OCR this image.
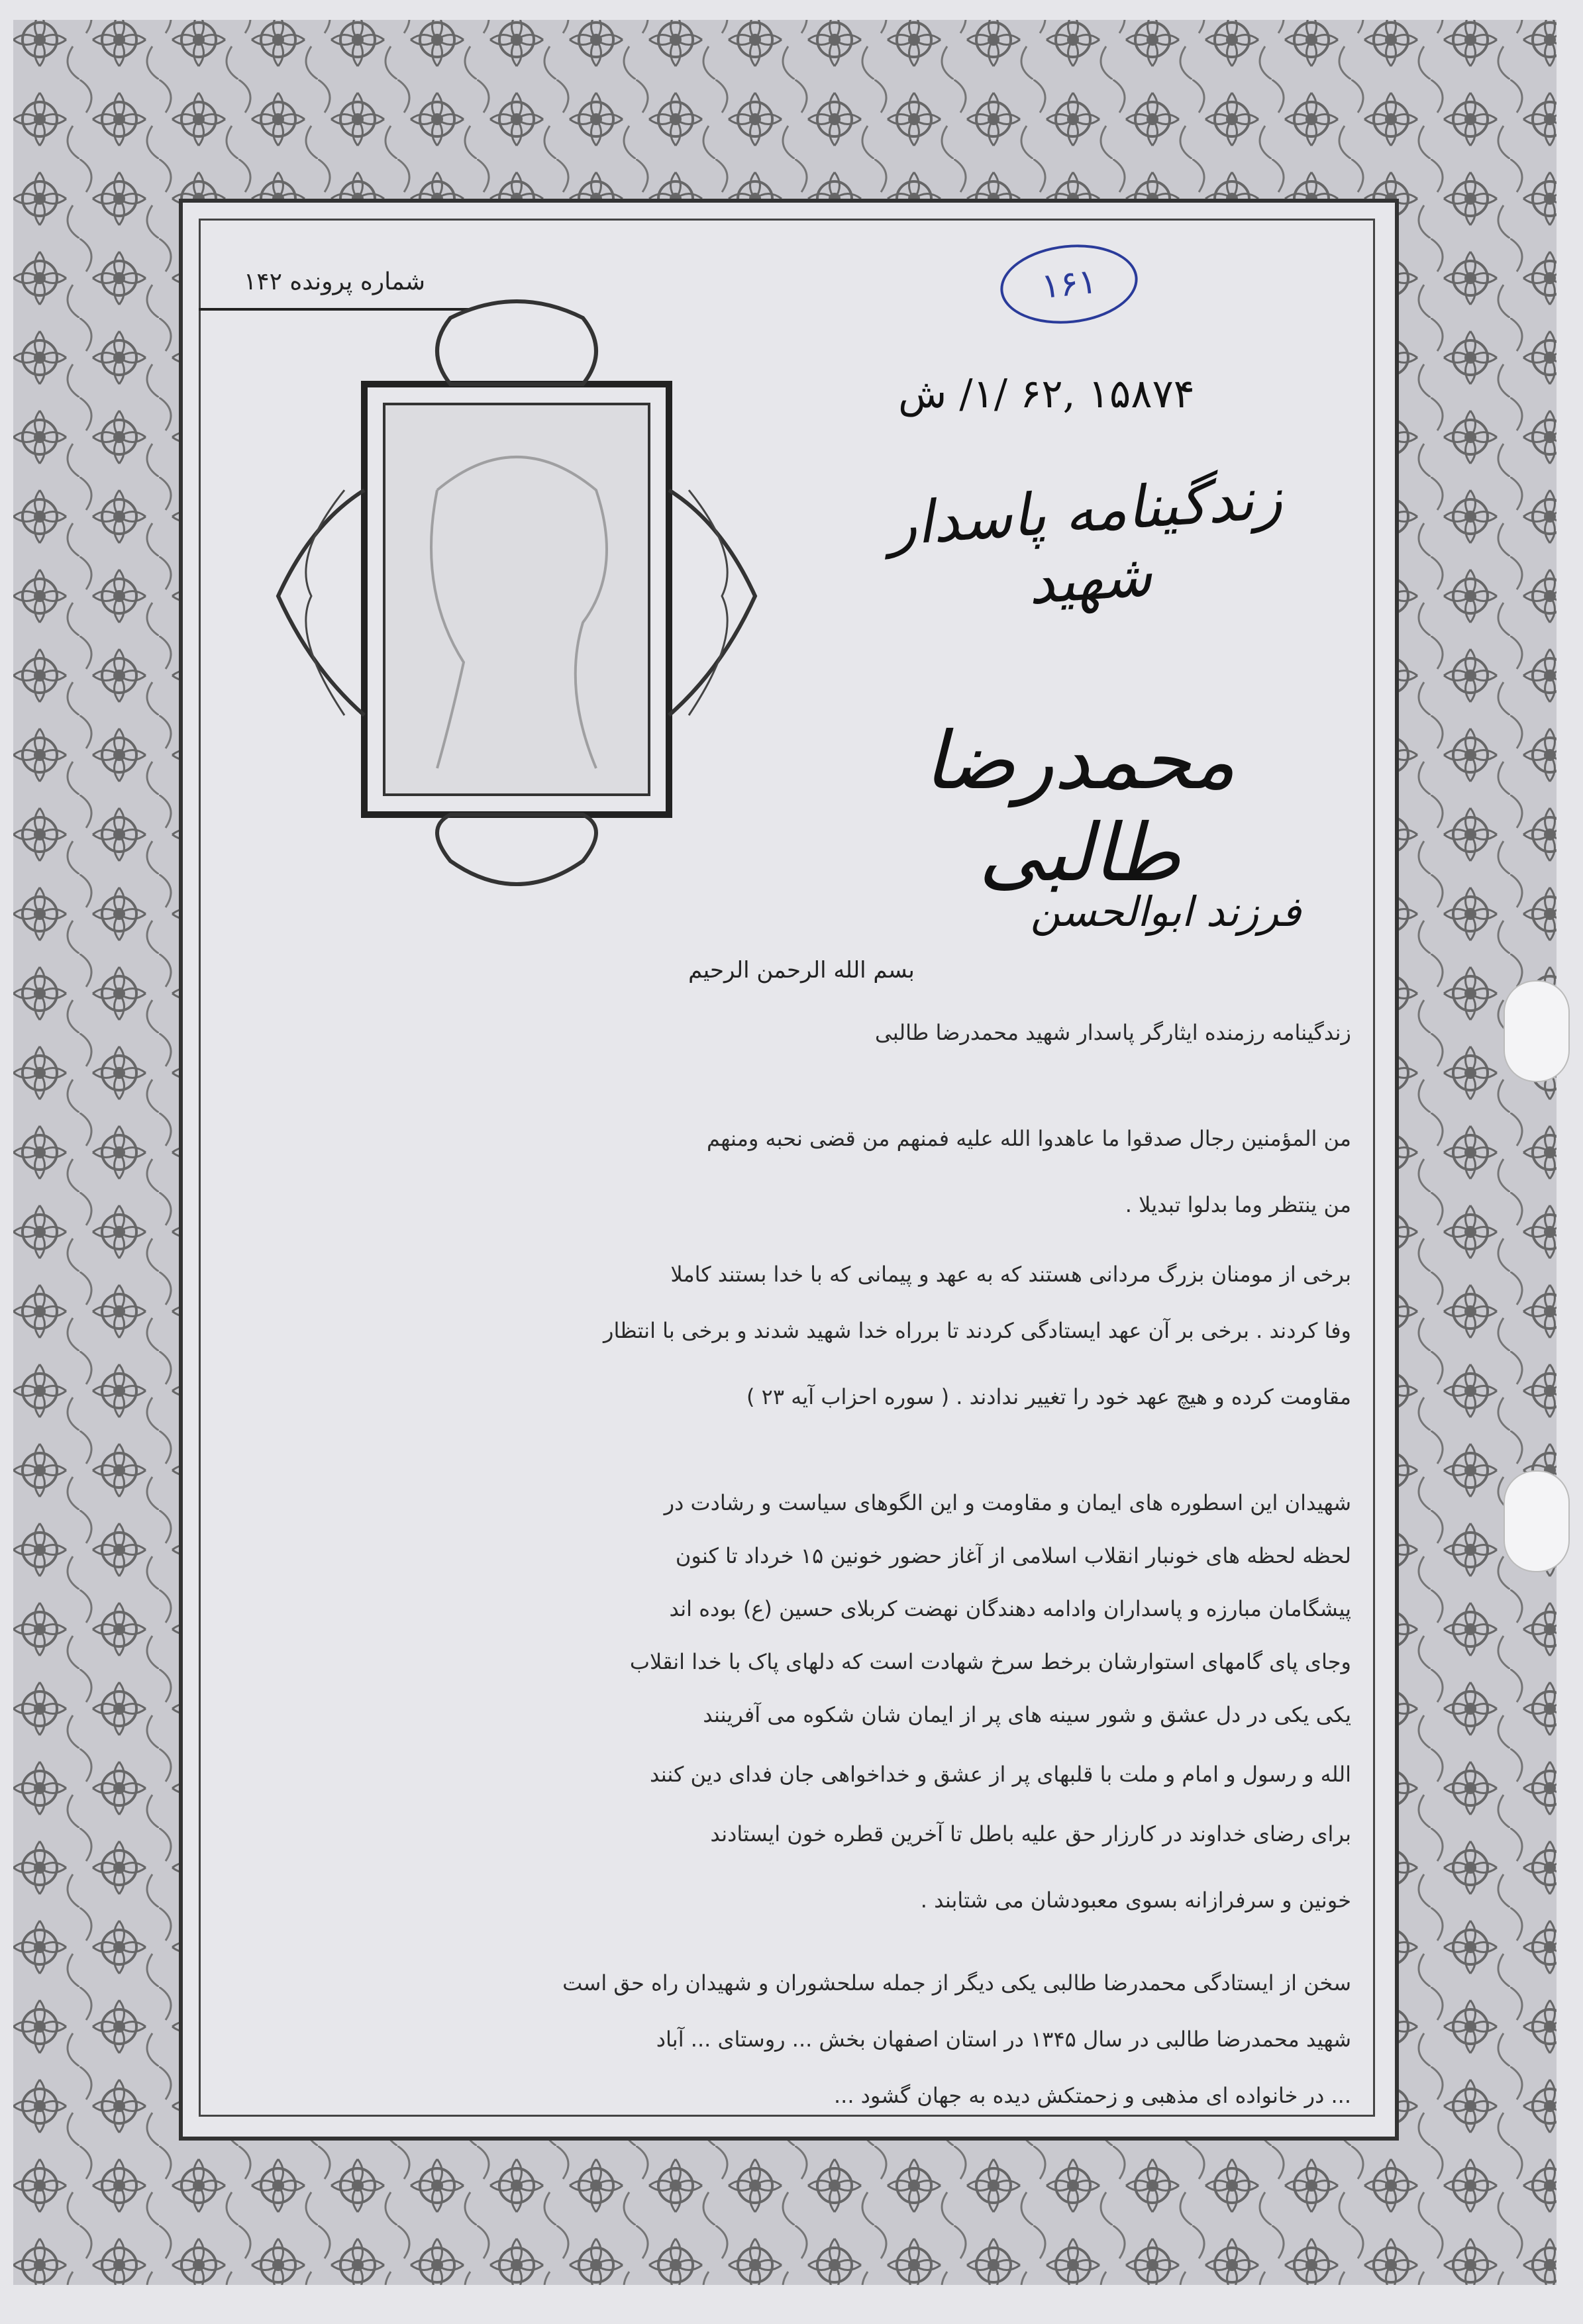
شماره پرونده ۱۴۲	۱۶۱
۱۵۸۷۴ ,۶۲ /۱/ ش
زندگینامه پاسدار شهید
محمدرضا طالبی
فرزند ابوالحسن
بسم الله الرحمن الرحیم
زندگینامه رزمنده ایثارگر پاسدار شهید محمدرضا طالبی
من المؤمنین رجال صدقوا ما عاهدوا الله علیه فمنهم من قضی نحبه ومنهم
من ینتظر وما بدلوا تبدیلا .
برخی از مومنان بزرگ مردانی هستند که به عهد و پیمانی که با خدا بستند کاملا
وفا کردند . برخی بر آن عهد ایستادگی کردند تا برراه خدا شهید شدند و برخی با انتظار
مقاومت کرده و هیچ عهد خود را تغییر ندادند . ( سوره احزاب آیه ۲۳ )
شهیدان این اسطوره های ایمان و مقاومت و این الگوهای سیاست و رشادت در
لحظه لحظه های خونبار انقلاب اسلامی از آغاز حضور خونین ۱۵ خرداد تا کنون
پیشگامان مبارزه و پاسداران وادامه دهندگان نهضت کربلای حسین (ع) بوده اند
وجای پای گامهای استوارشان برخط سرخ شهادت است که دلهای پاک با خدا انقلاب
یکی یکی در دل عشق و شور سینه های پر از ایمان شان شکوه می آفرینند
الله و رسول و امام و ملت با قلبهای پر از عشق و خداخواهی جان فدای دین کنند
برای رضای خداوند در کارزار حق علیه باطل تا آخرین قطره خون ایستادند
خونین و سرفرازانه بسوی معبودشان می شتابند .
سخن از ایستادگی محمدرضا طالبی یکی دیگر از جمله سلحشوران و شهیدان راه حق است
شهید محمدرضا طالبی در سال ۱۳۴۵ در استان اصفهان بخش ... روستای ... آباد
... در خانواده ای مذهبی و زحمتکش دیده به جهان گشود ...
